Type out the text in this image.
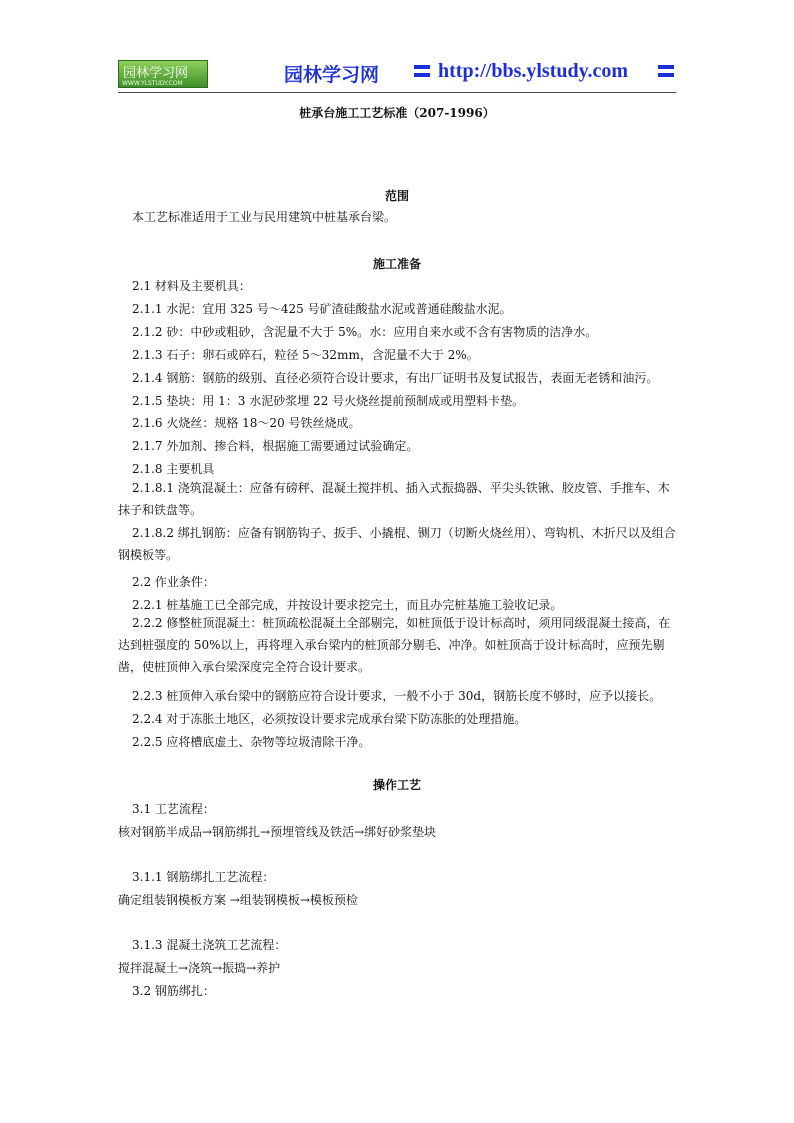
园林学习网
WWW.YLSTUDY.COM	园林学习网	http://bbs.ylstudy.com
桩承台施工工艺标准（207-1996）
范围
本工艺标准适用于工业与民用建筑中桩基承台梁。
施工准备
2.1 材料及主要机具：
2.1.1 水泥：宜用 325 号～425 号矿渣硅酸盐水泥或普通硅酸盐水泥。
2.1.2 砂：中砂或粗砂，含泥量不大于 5%。水：应用自来水或不含有害物质的洁净水。
2.1.3 石子：卵石或碎石，粒径 5～32mm，含泥量不大于 2%。
2.1.4 钢筋：钢筋的级别、直径必须符合设计要求，有出厂证明书及复试报告，表面无老锈和油污。
2.1.5 垫块：用 1：3 水泥砂浆埋 22 号火烧丝提前预制成或用塑料卡垫。
2.1.6 火烧丝：规格 18～20 号铁丝烧成。
2.1.7 外加剂、掺合料，根据施工需要通过试验确定。
2.1.8 主要机具
2.1.8.1 浇筑混凝土：应备有磅秤、混凝土搅拌机、插入式振捣器、平尖头铁锹、胶皮管、手推车、木抹子和铁盘等。
2.1.8.2 绑扎钢筋：应备有钢筋钩子、扳手、小撬棍、铡刀（切断火烧丝用）、弯钩机、木折尺以及组合钢模板等。
2.2 作业条件：
2.2.1 桩基施工已全部完成，并按设计要求挖完土，而且办完桩基施工验收记录。
2.2.2 修整桩顶混凝土：桩顶疏松混凝土全部剔完，如桩顶低于设计标高时，须用同级混凝土接高，在达到桩强度的 50%以上，再将埋入承台梁内的桩顶部分剔毛、冲净。如桩顶高于设计标高时，应预先剔凿，使桩顶伸入承台梁深度完全符合设计要求。
2.2.3 桩顶伸入承台梁中的钢筋应符合设计要求，一般不小于 30d，钢筋长度不够时，应予以接长。
2.2.4 对于冻胀土地区，必须按设计要求完成承台梁下防冻胀的处理措施。
2.2.5 应将槽底虚土、杂物等垃圾清除干净。
操作工艺
3.1 工艺流程：
核对钢筋半成品→钢筋绑扎→预埋管线及铁活→绑好砂浆垫块
3.1.1 钢筋绑扎工艺流程：
确定组装钢模板方案 →组装钢模板→模板预检
3.1.3 混凝土浇筑工艺流程：
搅拌混凝土→浇筑→振捣→养护
3.2 钢筋绑扎：
